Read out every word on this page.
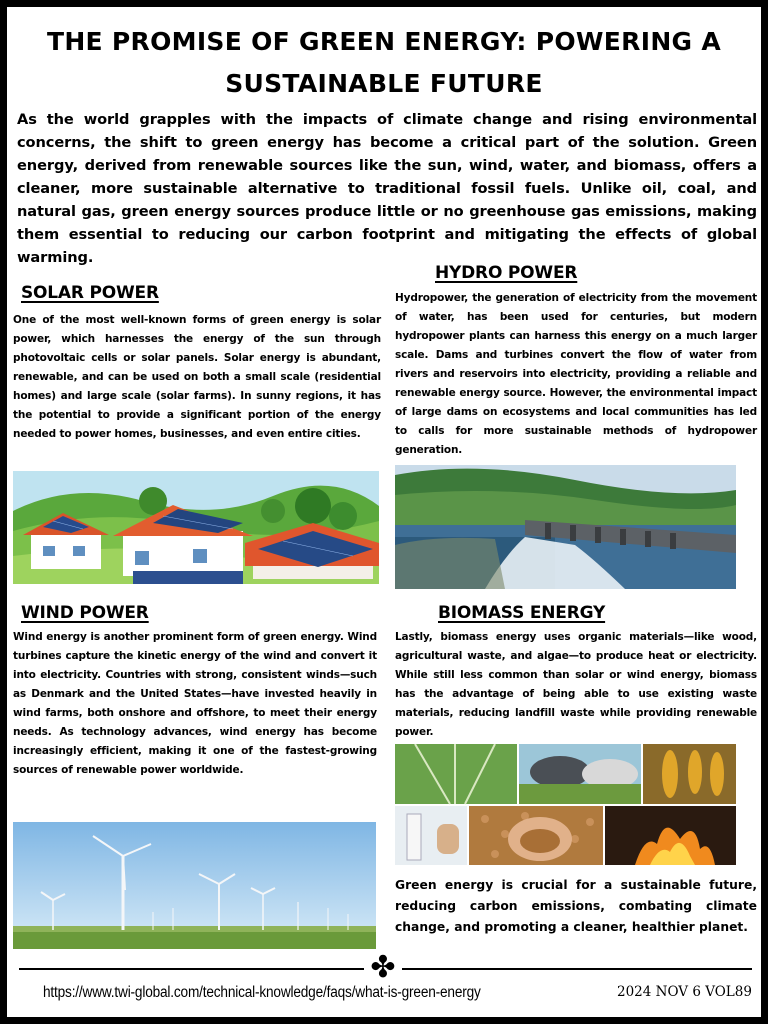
THE PROMISE OF GREEN ENERGY: POWERING A SUSTAINABLE FUTURE

As the world grapples with the impacts of climate change and rising environmental concerns, the shift to green energy has become a critical part of the solution. Green energy, derived from renewable sources like the sun, wind, water, and biomass, offers a cleaner, more sustainable alternative to traditional fossil fuels. Unlike oil, coal, and natural gas, green energy sources produce little or no greenhouse gas emissions, making them essential to reducing our carbon footprint and mitigating the effects of global warming.

SOLAR POWER

One of the most well-known forms of green energy is solar power, which harnesses the energy of the sun through photovoltaic cells or solar panels. Solar energy is abundant, renewable, and can be used on both a small scale (residential homes) and large scale (solar farms). In sunny regions, it has the potential to provide a significant portion of the energy needed to power homes, businesses, and even entire cities.

HYDRO POWER

Hydropower, the generation of electricity from the movement of water, has been used for centuries, but modern hydropower plants can harness this energy on a much larger scale. Dams and turbines convert the flow of water from rivers and reservoirs into electricity, providing a reliable and renewable energy source. However, the environmental impact of large dams on ecosystems and local communities has led to calls for more sustainable methods of hydropower generation.

WIND POWER

Wind energy is another prominent form of green energy. Wind turbines capture the kinetic energy of the wind and convert it into electricity. Countries with strong, consistent winds—such as Denmark and the United States—have invested heavily in wind farms, both onshore and offshore, to meet their energy needs. As technology advances, wind energy has become increasingly efficient, making it one of the fastest-growing sources of renewable power worldwide.

BIOMASS ENERGY

Lastly, biomass energy uses organic materials—like wood, agricultural waste, and algae—to produce heat or electricity. While still less common than solar or wind energy, biomass has the advantage of being able to use existing waste materials, reducing landfill waste while providing renewable power.

Green energy is crucial for a sustainable future, reducing carbon emissions, combating climate change, and promoting a cleaner, healthier planet.

✤
https://www.twi-global.com/technical-knowledge/faqs/what-is-green-energy	2024 NOV 6 VOL89
